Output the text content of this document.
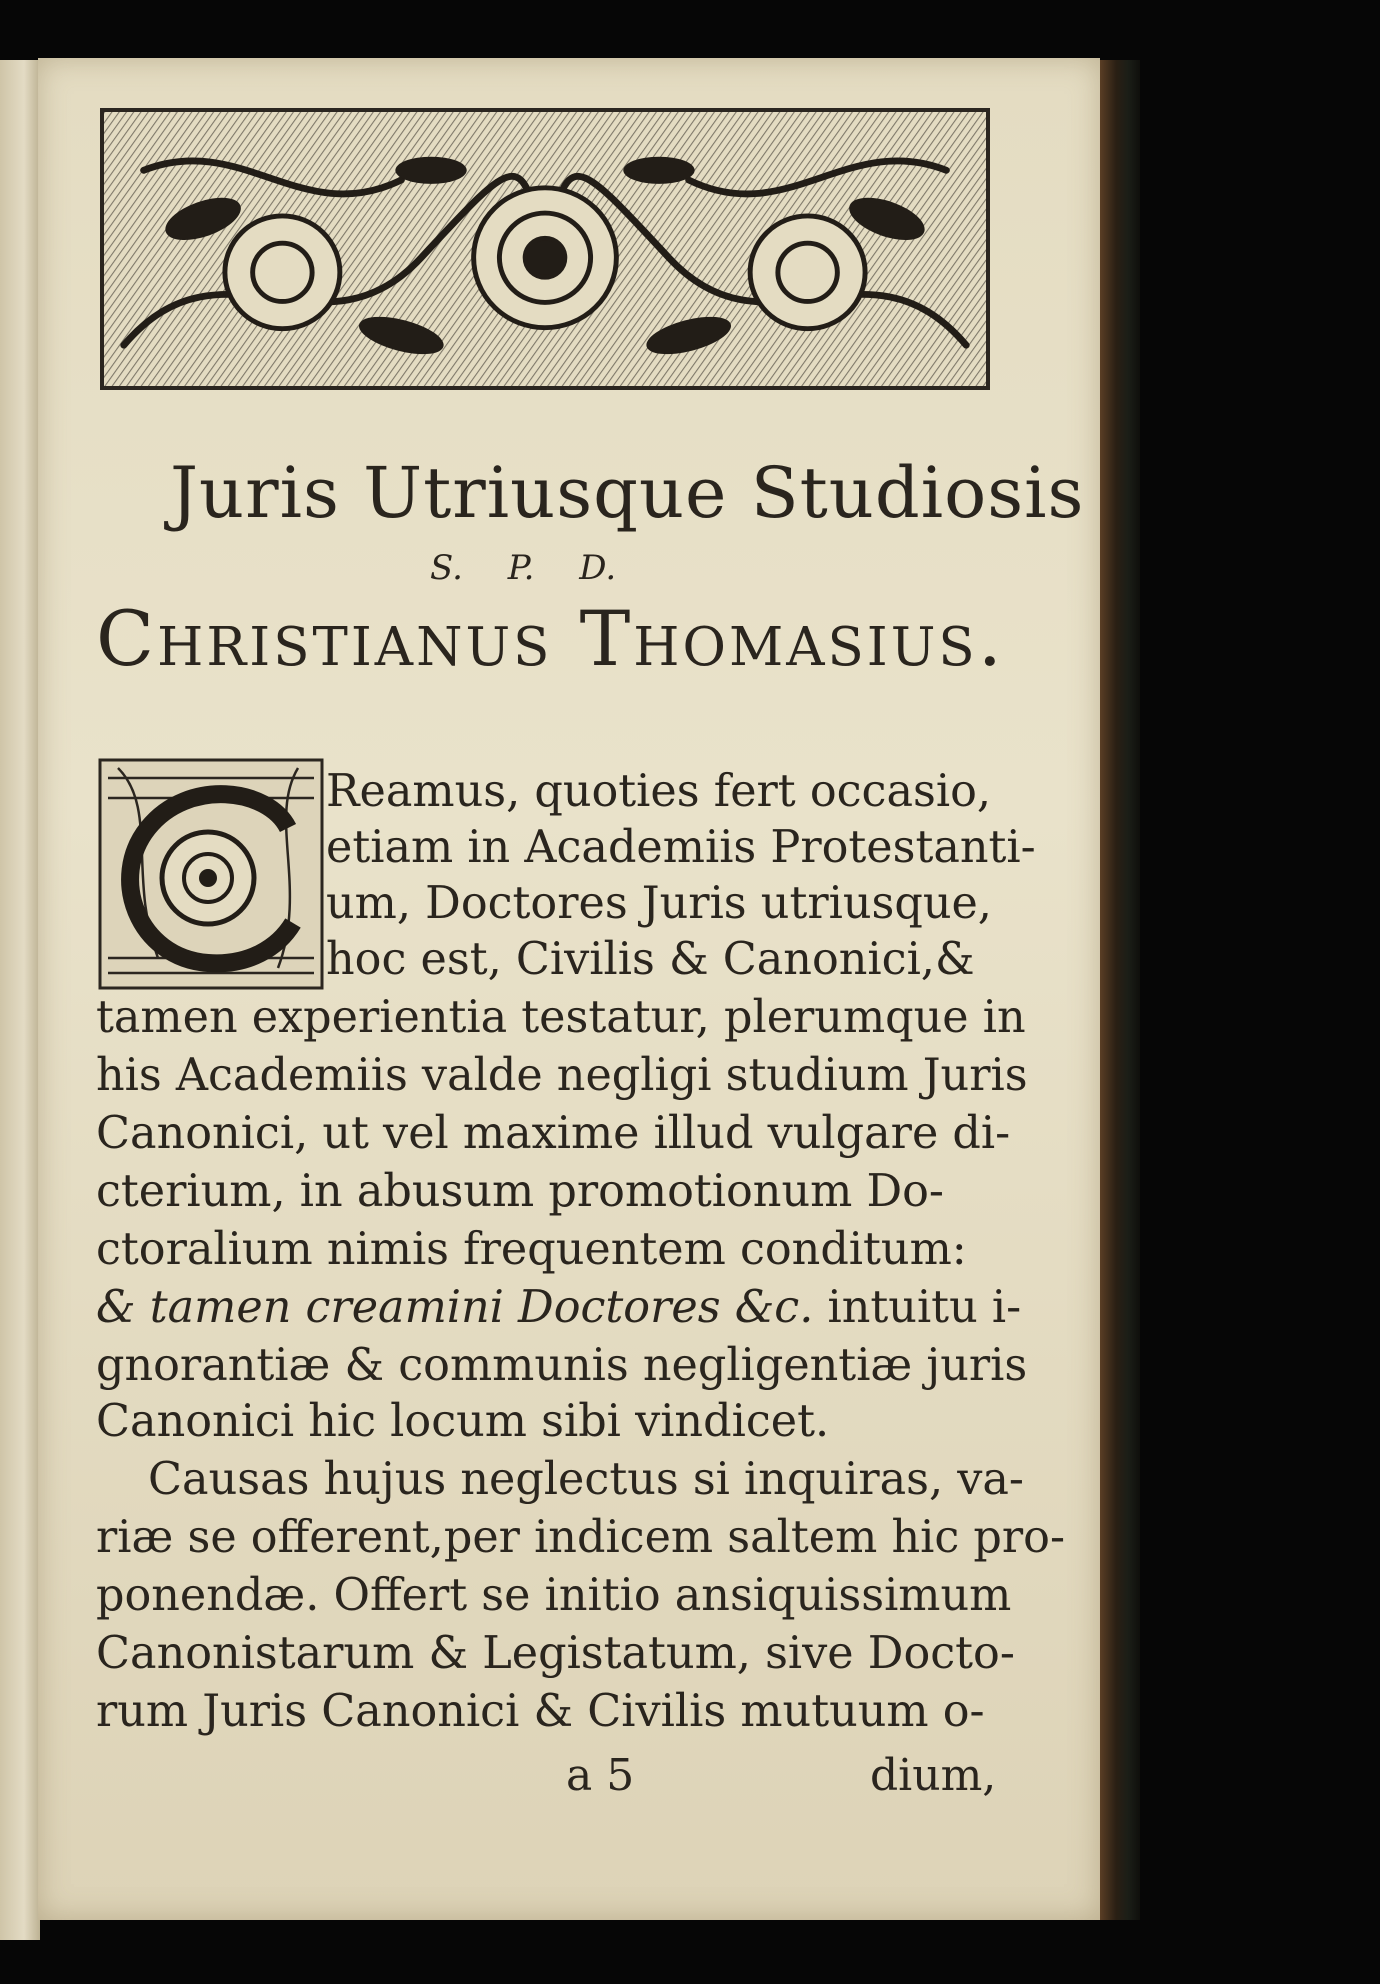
Juris Utriusque Studiosis
S. P. D.
Christianus Thomasius.
Reamus, quoties fert occasio,
etiam in Academiis Protestanti-
um, Doctores Juris utriusque,
hoc est, Civilis & Canonici,&
tamen experientia testatur, plerumque in
his Academiis valde negligi studium Juris
Canonici, ut vel maxime illud vulgare di-
cterium, in abusum promotionum Do-
ctoralium nimis frequentem conditum:
& tamen creamini Doctores &c. intuitu i-
gnorantiæ & communis negligentiæ juris
Canonici hic locum sibi vindicet.
Causas hujus neglectus si inquiras, va-
riæ se offerent,per indicem saltem hic pro-
ponendæ. Offert se initio ansiquissimum
Canonistarum & Legistatum, sive Docto-
rum Juris Canonici & Civilis mutuum o-
a 5	dium,
